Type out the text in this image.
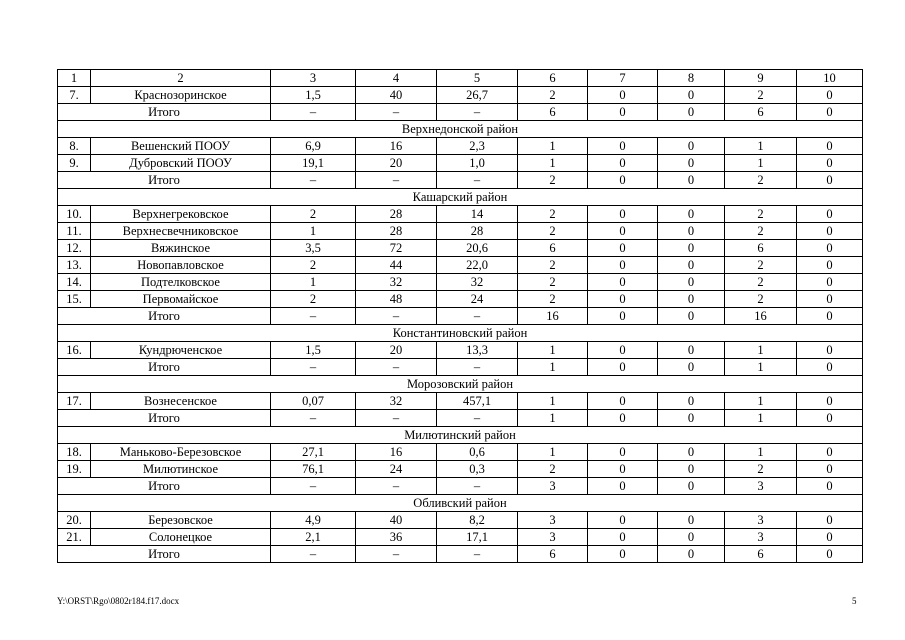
1	2	3	4	5	6	7	8	9	10
7.	Краснозоринское	1,5	40	26,7	2	0	0	2	0
Итого		–	–	–	6	0	0	6	0
Верхнедонской район									
8.	Вешенский ПООУ	6,9	16	2,3	1	0	0	1	0
9.	Дубровский ПООУ	19,1	20	1,0	1	0	0	1	0
Итого		–	–	–	2	0	0	2	0
Кашарский район									
10.	Верхнегрековское	2	28	14	2	0	0	2	0
11.	Верхнесвечниковское	1	28	28	2	0	0	2	0
12.	Вяжинское	3,5	72	20,6	6	0	0	6	0
13.	Новопавловское	2	44	22,0	2	0	0	2	0
14.	Подтелковское	1	32	32	2	0	0	2	0
15.	Первомайское	2	48	24	2	0	0	2	0
Итого		–	–	–	16	0	0	16	0
Константиновский район									
16.	Кундрюченское	1,5	20	13,3	1	0	0	1	0
Итого		–	–	–	1	0	0	1	0
Морозовский район									
17.	Вознесенское	0,07	32	457,1	1	0	0	1	0
Итого		–	–	–	1	0	0	1	0
Милютинский район									
18.	Маньково-Березовское	27,1	16	0,6	1	0	0	1	0
19.	Милютинское	76,1	24	0,3	2	0	0	2	0
Итого		–	–	–	3	0	0	3	0
Обливский район									
20.	Березовское	4,9	40	8,2	3	0	0	3	0
21.	Солонецкое	2,1	36	17,1	3	0	0	3	0
Итого		–	–	–	6	0	0	6	0
Y:\ORST\Rgo\0802r184.f17.docx	5
